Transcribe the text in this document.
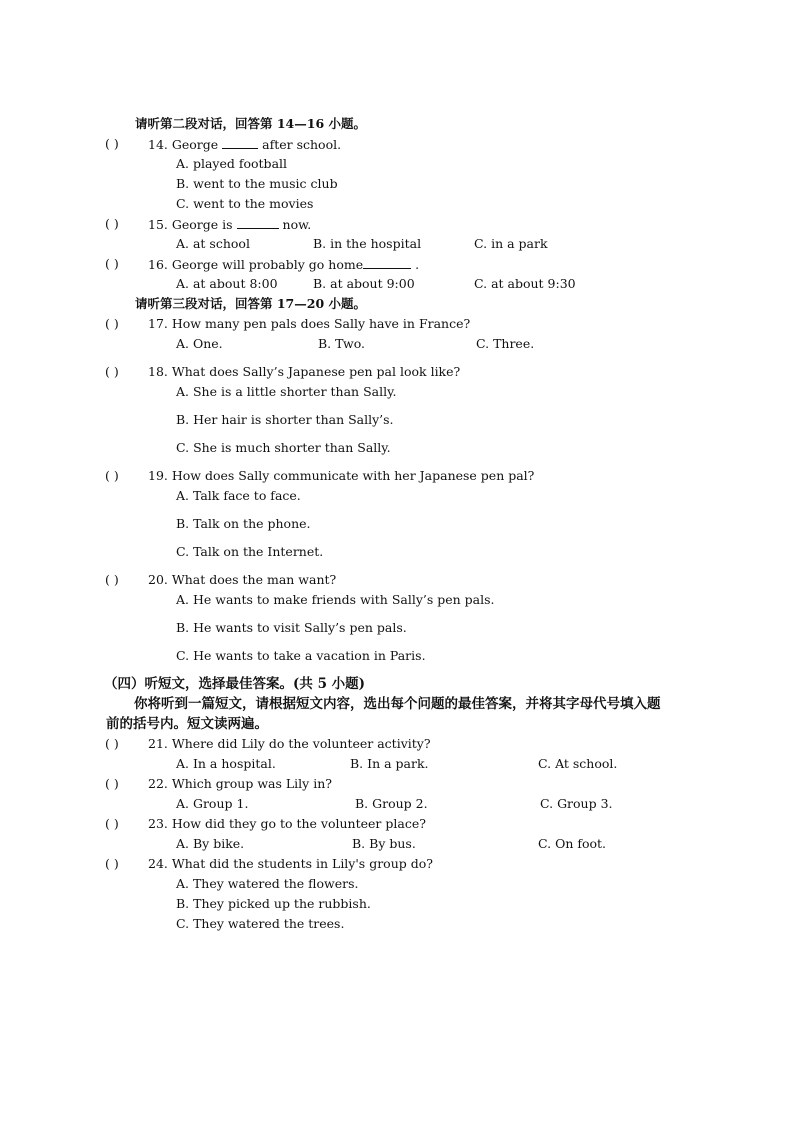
请听第二段对话，回答第 14—16 小题。
( ) 14. George	after school.
A. played football
B. went to the music club
C. went to the movies
( ) 15. George is	now.
A. at school	B. in the hospital	C. in a park
( ) 16. George will probably go home	.
A. at about 8:00	B. at about 9:00	C. at about 9:30
请听第三段对话，回答第 17—20 小题。
( ) 17. How many pen pals does Sally have in France?
A. One.	B. Two.	C. Three.
( ) 18. What does Sally’s Japanese pen pal look like?
A. She is a little shorter than Sally.
B. Her hair is shorter than Sally’s.
C. She is much shorter than Sally.
( ) 19. How does Sally communicate with her Japanese pen pal?
A. Talk face to face.
B. Talk on the phone.
C. Talk on the Internet.
( ) 20. What does the man want?
A. He wants to make friends with Sally’s pen pals.
B. He wants to visit Sally’s pen pals.
C. He wants to take a vacation in Paris.
（四）听短文，选择最佳答案。(共 5 小题)
你将听到一篇短文，请根据短文内容，选出每个问题的最佳答案，并将其字母代号填入题
前的括号内。短文读两遍。
( ) 21. Where did Lily do the volunteer activity?
A. In a hospital.	B. In a park.	C. At school.
( ) 22. Which group was Lily in?
A. Group 1.	B. Group 2.	C. Group 3.
( ) 23. How did they go to the volunteer place?
A. By bike.	B. By bus.	C. On foot.
( ) 24. What did the students in Lily's group do?
A. They watered the flowers.
B. They picked up the rubbish.
C. They watered the trees.
